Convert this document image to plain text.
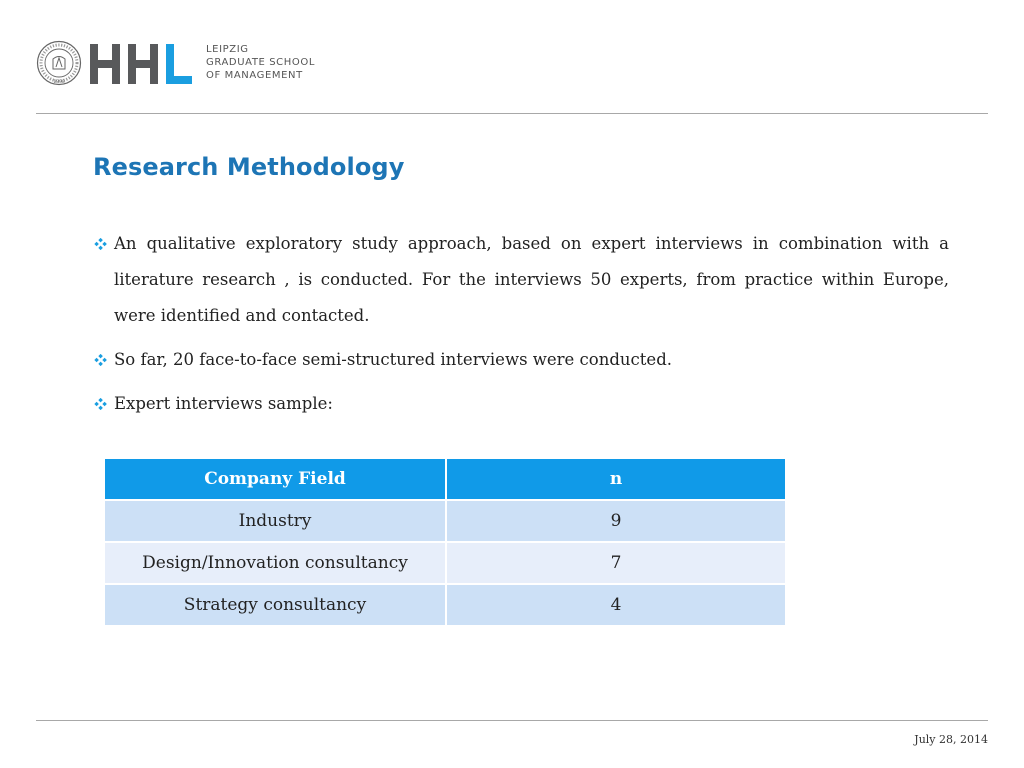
1898
LEIPZIG
GRADUATE SCHOOL
OF MANAGEMENT
Research Methodology
An qualitative exploratory study approach, based on expert interviews in combination with a literature research , is conducted. For the interviews 50 experts, from practice within Europe, were identified and contacted.
So far, 20 face-to-face semi-structured interviews were conducted.
Expert interviews sample:
Company Field	n
Industry	9
Design/Innovation consultancy	7
Strategy consultancy	4
July 28, 2014
